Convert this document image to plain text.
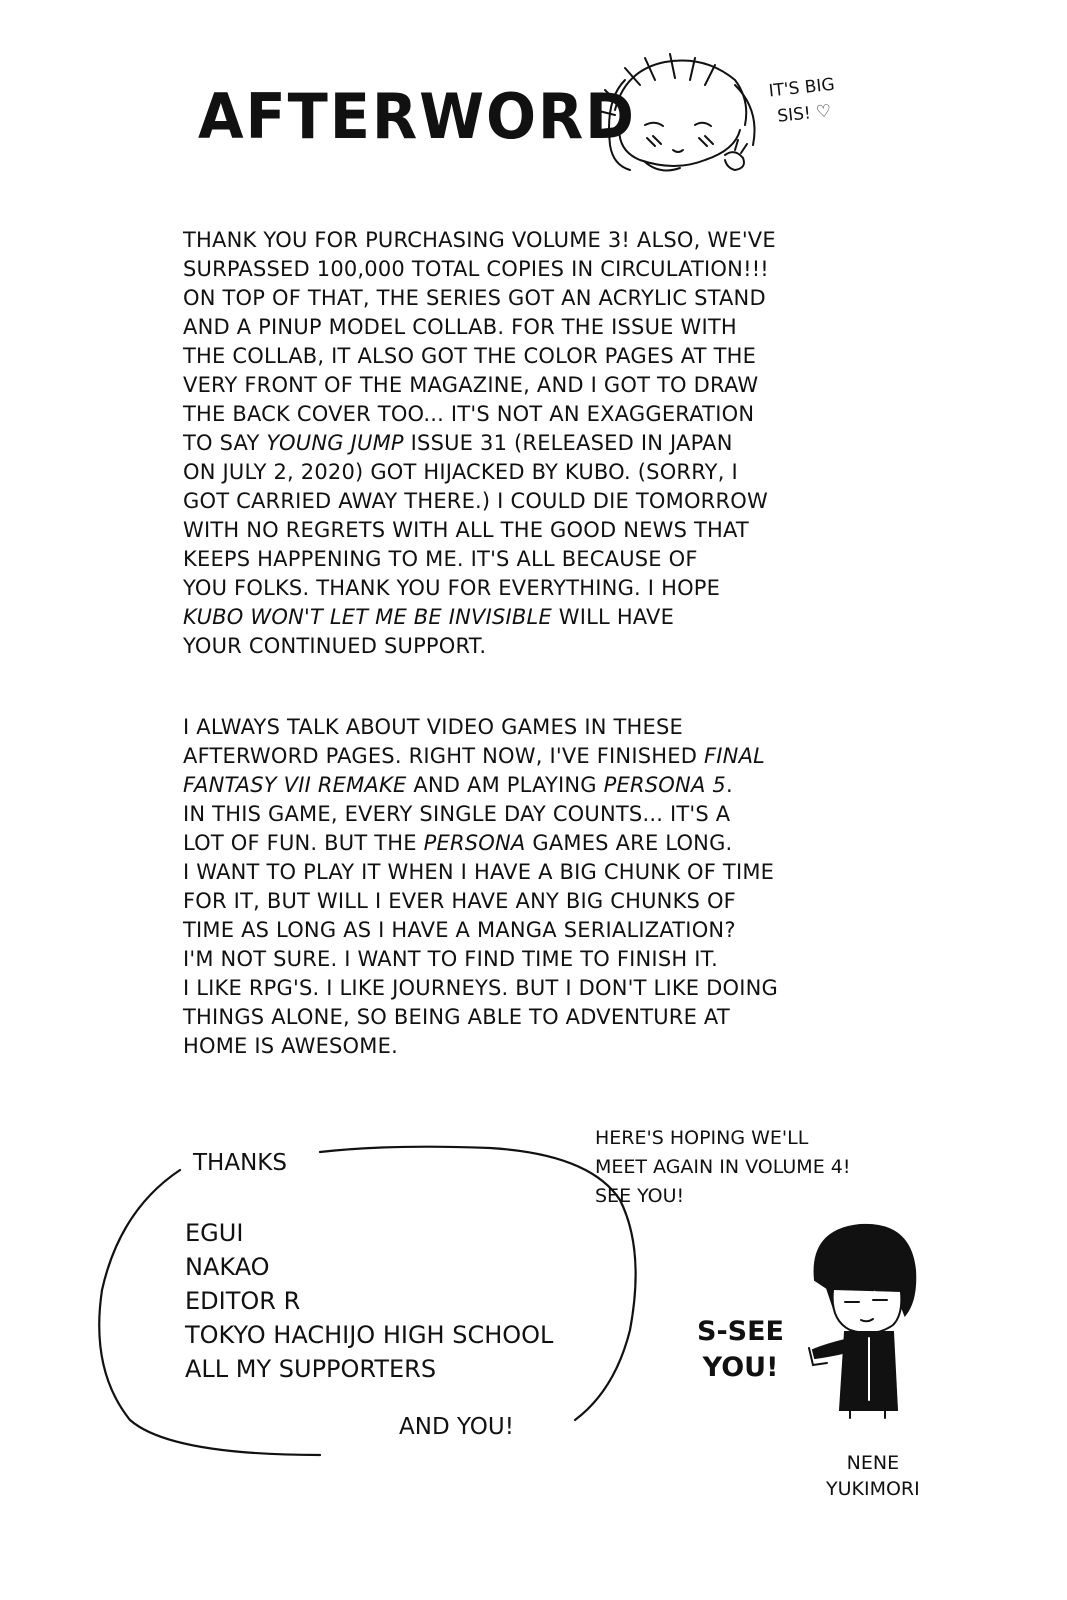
AFTERWORD	IT'S BIG
SIS! ♡

THANK YOU FOR PURCHASING VOLUME 3! ALSO, WE'VE
SURPASSED 100,000 TOTAL COPIES IN CIRCULATION!!!
ON TOP OF THAT, THE SERIES GOT AN ACRYLIC STAND
AND A PINUP MODEL COLLAB. FOR THE ISSUE WITH
THE COLLAB, IT ALSO GOT THE COLOR PAGES AT THE
VERY FRONT OF THE MAGAZINE, AND I GOT TO DRAW
THE BACK COVER TOO... IT'S NOT AN EXAGGERATION
TO SAY YOUNG JUMP ISSUE 31 (RELEASED IN JAPAN
ON JULY 2, 2020) GOT HIJACKED BY KUBO. (SORRY, I
GOT CARRIED AWAY THERE.) I COULD DIE TOMORROW
WITH NO REGRETS WITH ALL THE GOOD NEWS THAT
KEEPS HAPPENING TO ME. IT'S ALL BECAUSE OF
YOU FOLKS. THANK YOU FOR EVERYTHING. I HOPE
KUBO WON'T LET ME BE INVISIBLE WILL HAVE
YOUR CONTINUED SUPPORT.

I ALWAYS TALK ABOUT VIDEO GAMES IN THESE
AFTERWORD PAGES. RIGHT NOW, I'VE FINISHED FINAL
FANTASY VII REMAKE AND AM PLAYING PERSONA 5.
IN THIS GAME, EVERY SINGLE DAY COUNTS... IT'S A
LOT OF FUN. BUT THE PERSONA GAMES ARE LONG.
I WANT TO PLAY IT WHEN I HAVE A BIG CHUNK OF TIME
FOR IT, BUT WILL I EVER HAVE ANY BIG CHUNKS OF
TIME AS LONG AS I HAVE A MANGA SERIALIZATION?
I'M NOT SURE. I WANT TO FIND TIME TO FINISH IT.
I LIKE RPG'S. I LIKE JOURNEYS. BUT I DON'T LIKE DOING
THINGS ALONE, SO BEING ABLE TO ADVENTURE AT
HOME IS AWESOME.

THANKS
EGUI
NAKAO
EDITOR R
TOKYO HACHIJO HIGH SCHOOL
ALL MY SUPPORTERS
AND YOU!
HERE'S HOPING WE'LL
MEET AGAIN IN VOLUME 4!
SEE YOU!
S-SEE
YOU!
NENE
YUKIMORI
